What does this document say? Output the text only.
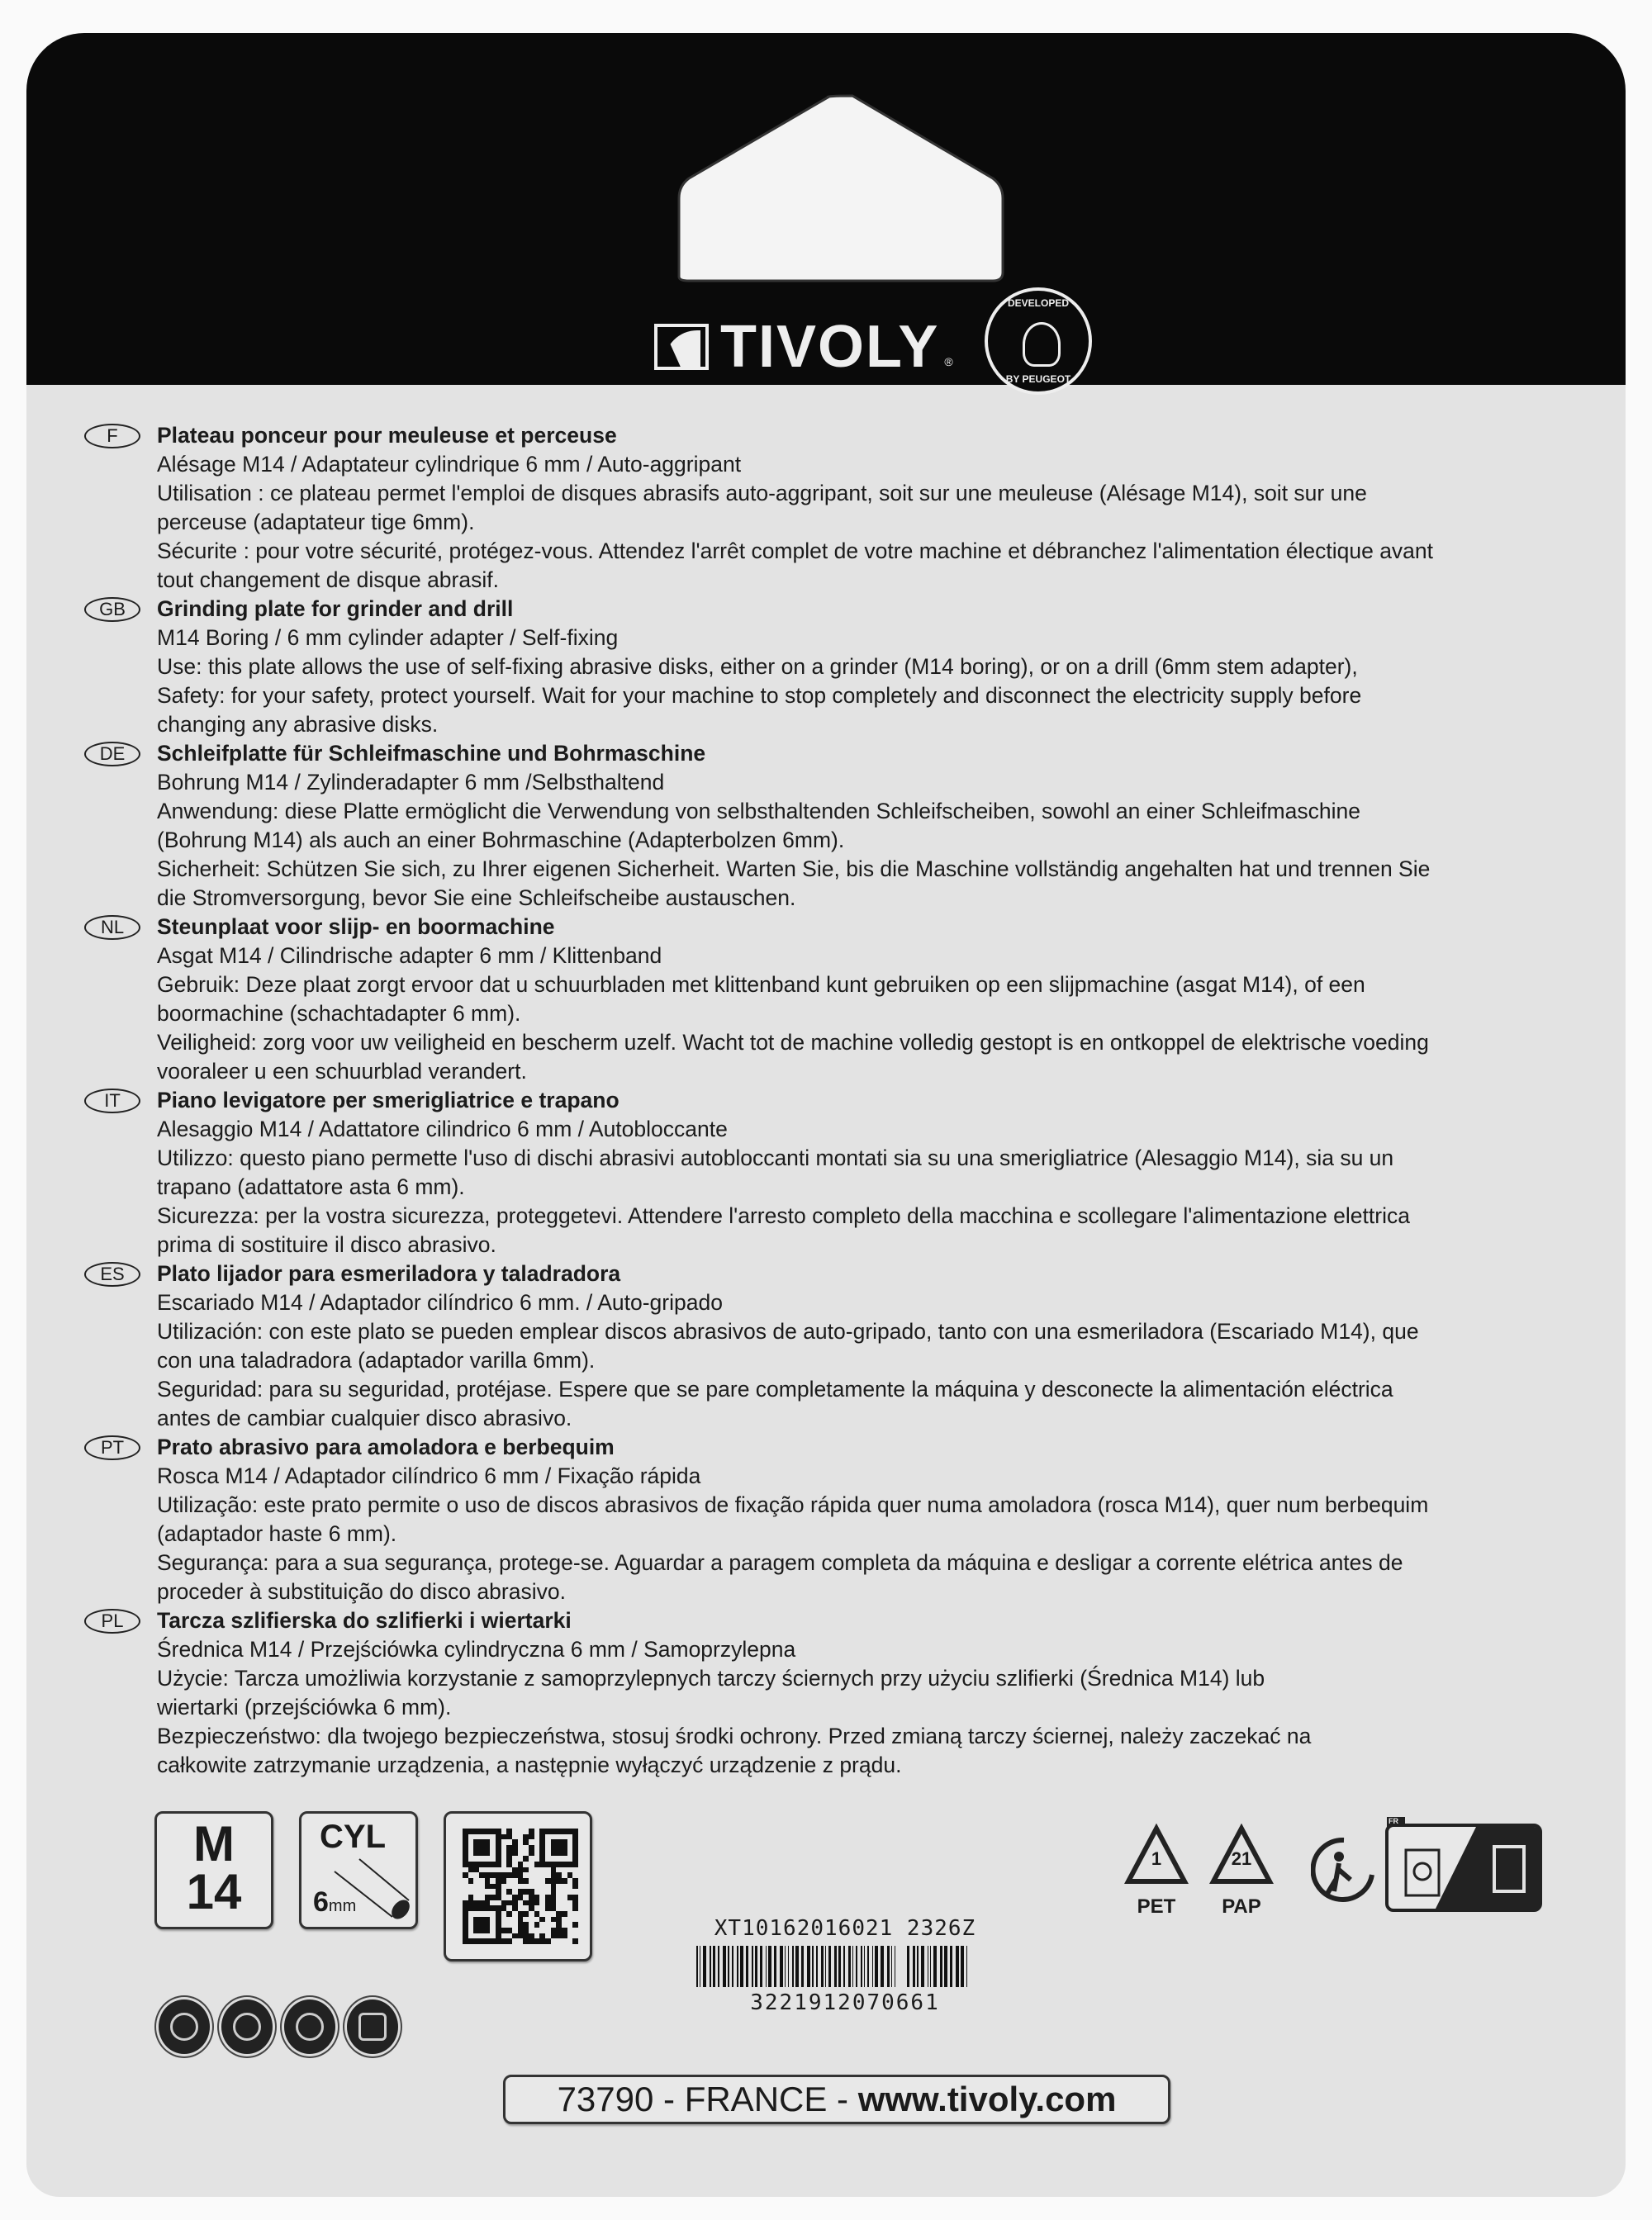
TIVOLY ®
DEVELOPED
BY PEUGEOT
F	Plateau ponceur pour meuleuse et perceuse
Alésage M14 / Adaptateur cylindrique 6 mm / Auto-aggripant
Utilisation : ce plateau permet l'emploi de disques abrasifs auto-aggripant, soit sur une meuleuse (Alésage M14), soit sur une
perceuse (adaptateur tige 6mm).
Sécurite : pour votre sécurité, protégez-vous. Attendez l'arrêt complet de votre machine et débranchez l'alimentation électique avant
tout changement de disque abrasif.
GB	Grinding plate for grinder and drill
M14 Boring / 6 mm cylinder adapter / Self-fixing
Use: this plate allows the use of self-fixing abrasive disks, either on a grinder (M14 boring), or on a drill (6mm stem adapter),
Safety: for your safety, protect yourself. Wait for your machine to stop completely and disconnect the electricity supply before
changing any abrasive disks.
DE	Schleifplatte für Schleifmaschine und Bohrmaschine
Bohrung M14 / Zylinderadapter 6 mm /Selbsthaltend
Anwendung: diese Platte ermöglicht die Verwendung von selbsthaltenden Schleifscheiben, sowohl an einer Schleifmaschine
(Bohrung M14) als auch an einer Bohrmaschine (Adapterbolzen 6mm).
Sicherheit: Schützen Sie sich, zu Ihrer eigenen Sicherheit. Warten Sie, bis die Maschine vollständig angehalten hat und trennen Sie
die Stromversorgung, bevor Sie eine Schleifscheibe austauschen.
NL	Steunplaat voor slijp- en boormachine
Asgat M14 / Cilindrische adapter 6 mm / Klittenband
Gebruik: Deze plaat zorgt ervoor dat u schuurbladen met klittenband kunt gebruiken op een slijpmachine (asgat M14), of een
boormachine (schachtadapter 6 mm).
Veiligheid: zorg voor uw veiligheid en bescherm uzelf. Wacht tot de machine volledig gestopt is en ontkoppel de elektrische voeding
vooraleer u een schuurblad verandert.
IT	Piano levigatore per smerigliatrice e trapano
Alesaggio M14 / Adattatore cilindrico 6 mm / Autobloccante
Utilizzo: questo piano permette l'uso di dischi abrasivi autobloccanti montati sia su una smerigliatrice (Alesaggio M14), sia su un
trapano (adattatore asta 6 mm).
Sicurezza: per la vostra sicurezza, proteggetevi. Attendere l'arresto completo della macchina e scollegare l'alimentazione elettrica
prima di sostituire il disco abrasivo.
ES	Plato lijador para esmeriladora y taladradora
Escariado M14 / Adaptador cilíndrico 6 mm. / Auto-gripado
Utilización: con este plato se pueden emplear discos abrasivos de auto-gripado, tanto con una esmeriladora (Escariado M14), que
con una taladradora (adaptador varilla 6mm).
Seguridad: para su seguridad, protéjase. Espere que se pare completamente la máquina y desconecte la alimentación eléctrica
antes de cambiar cualquier disco abrasivo.
PT	Prato abrasivo para amoladora e berbequim
Rosca M14 / Adaptador cilíndrico 6 mm / Fixação rápida
Utilização: este prato permite o uso de discos abrasivos de fixação rápida quer numa amoladora (rosca M14), quer num berbequim
(adaptador haste 6 mm).
Segurança: para a sua segurança, protege-se. Aguardar a paragem completa da máquina e desligar a corrente elétrica antes de
proceder à substituição do disco abrasivo.
PL	Tarcza szlifierska do szlifierki i wiertarki
Średnica M14 / Przejściówka cylindryczna 6 mm / Samoprzylepna
Użycie: Tarcza umożliwia korzystanie z samoprzylepnych tarczy ściernych przy użyciu szlifierki (Średnica M14) lub
wiertarki (przejściówka 6 mm).
Bezpieczeństwo: dla twojego bezpieczeństwa, stosuj środki ochrony. Przed zmianą tarczy ściernej, należy zaczekać na
całkowite zatrzymanie urządzenia, a następnie wyłączyć urządzenie z prądu.
M
14
CYL
6mm
XT10162016021 2326Z
3221912070661
1
PET
21
PAP
FR
73790 - FRANCE - www.tivoly.com
